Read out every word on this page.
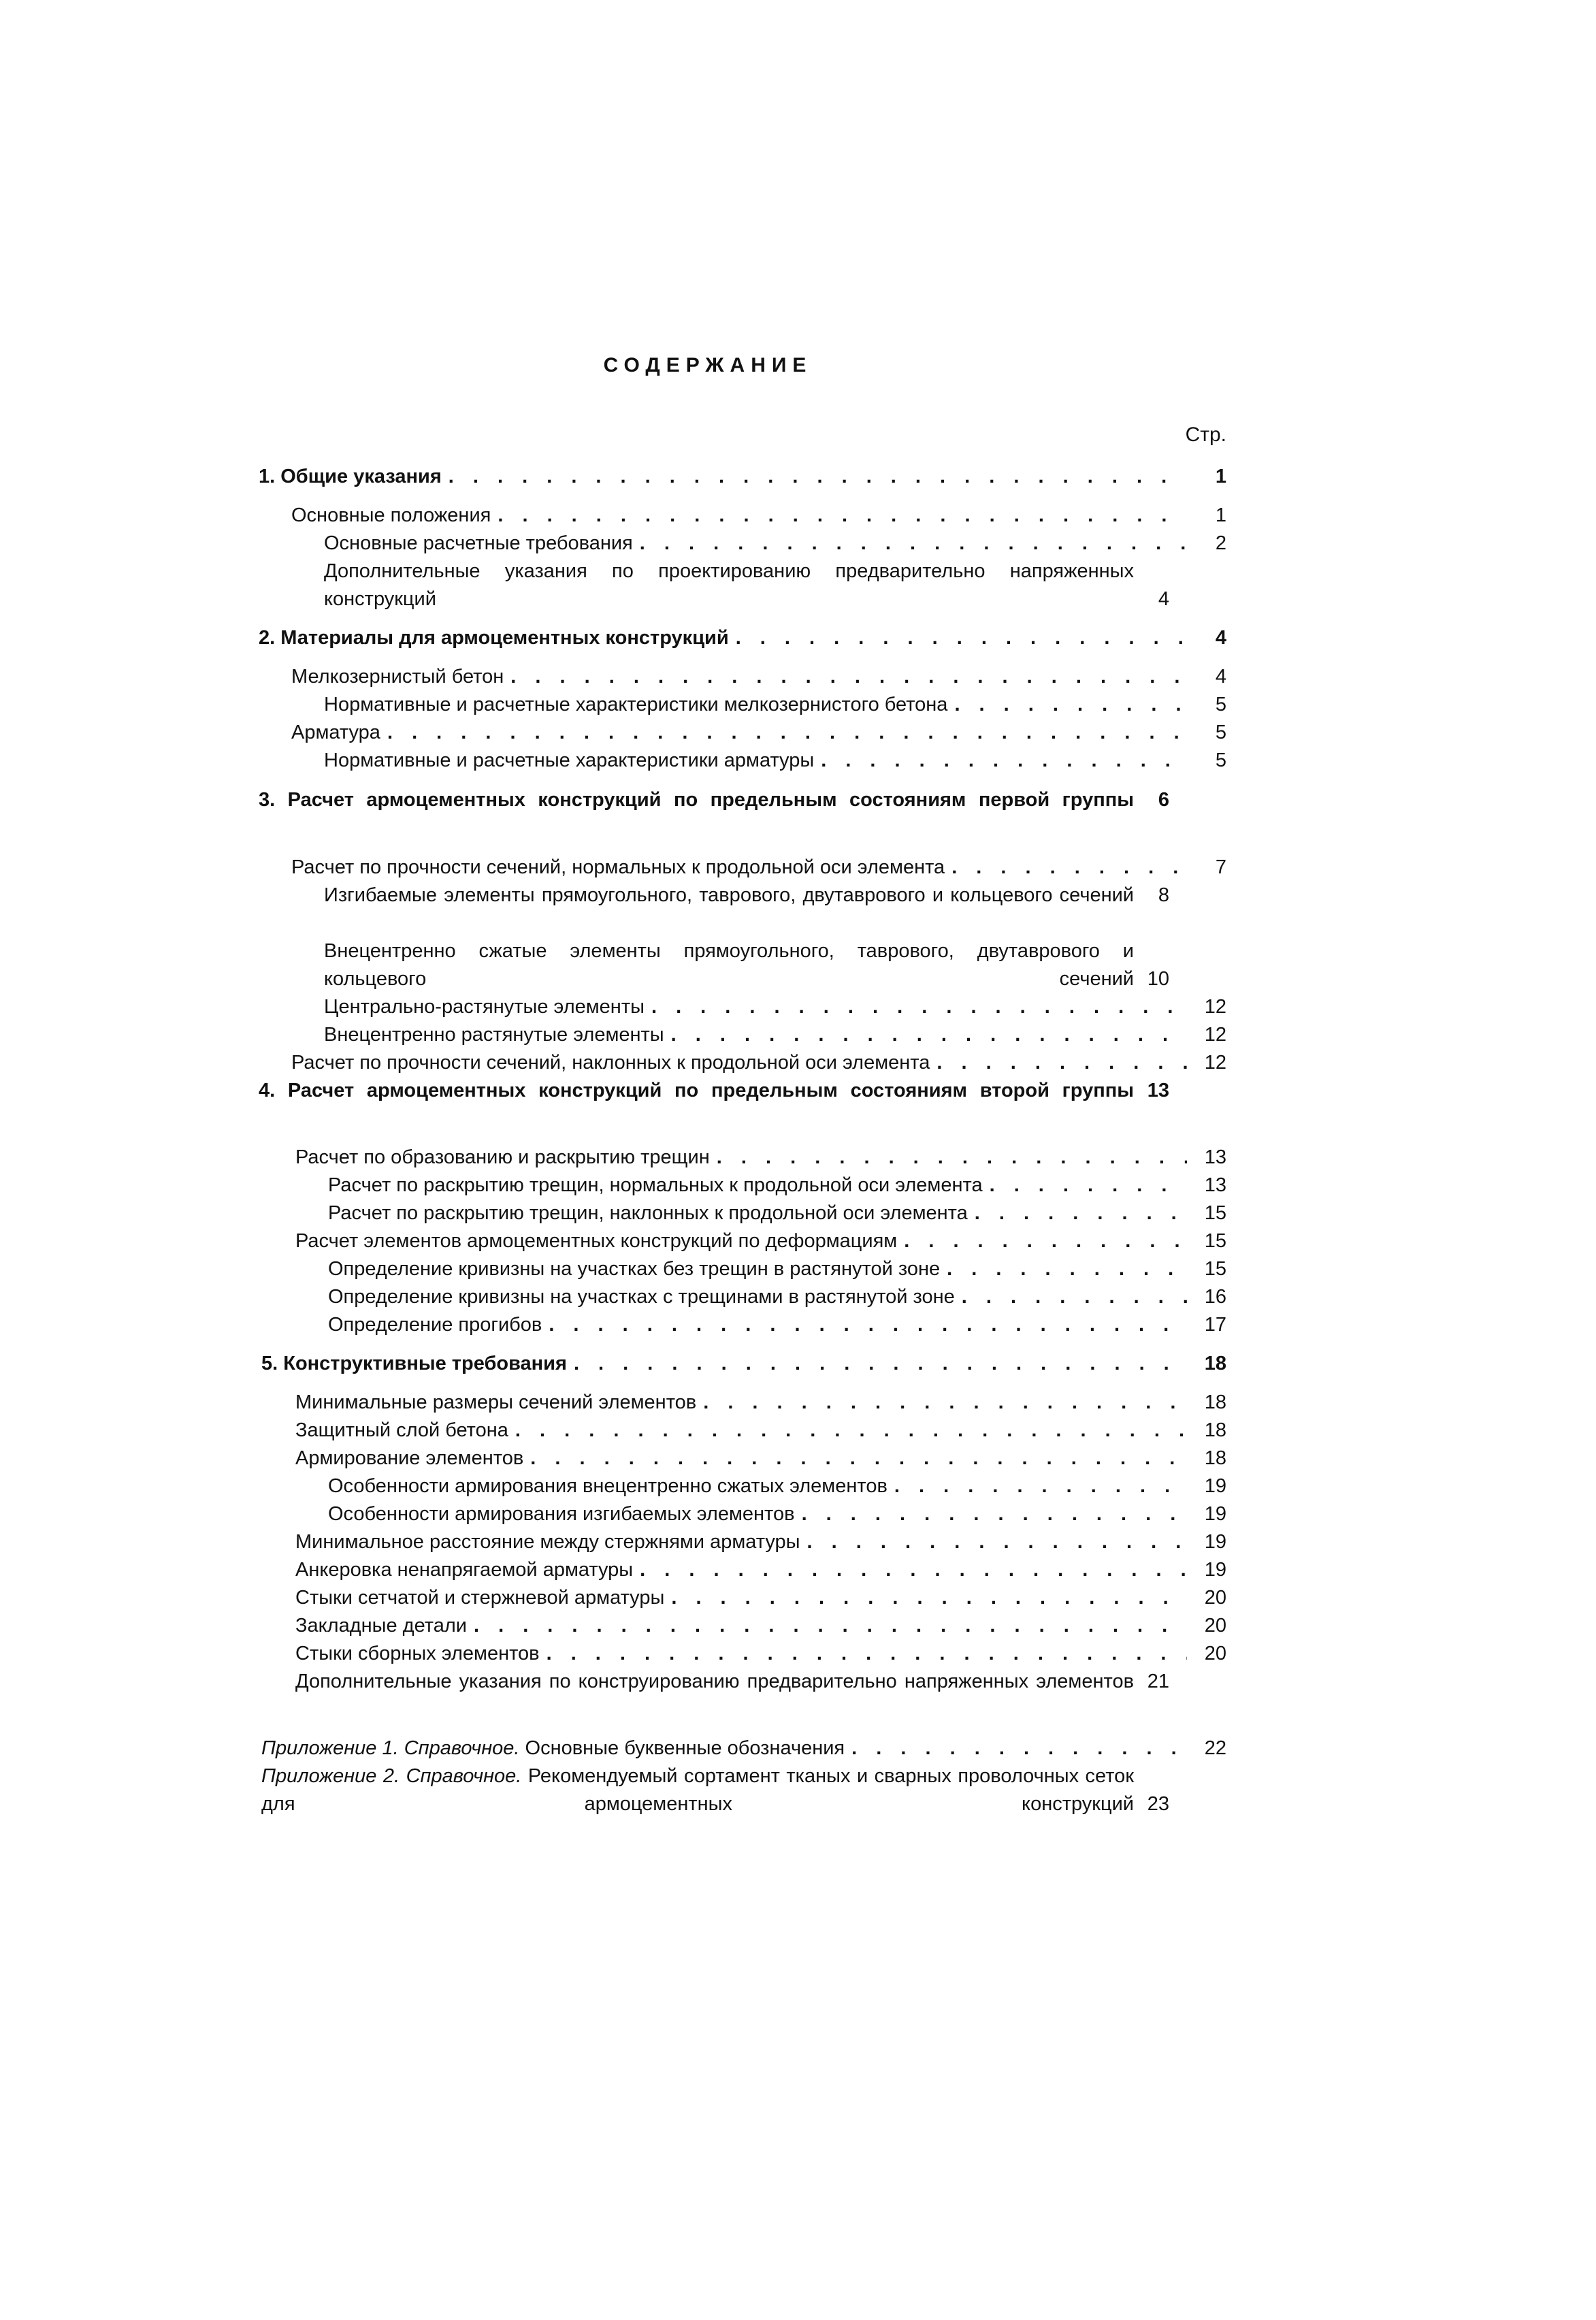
СОДЕРЖАНИЕ
Стр.
1. Общие указания . . .	1
Основные положения . . .	1
Основные расчетные требования . . .	2
Дополнительные указания по проектированию предварительно напряженных конструкций	4
2. Материалы для армоцементных конструкций . . .	4
Мелкозернистый бетон . . .	4
Нормативные и расчетные характеристики мелкозернистого бетона . . .	5
Арматура . . .	5
Нормативные и расчетные характеристики арматуры . . .	5
3. Расчет армоцементных конструкций по предельным состояниям первой группы	6
Расчет по прочности сечений, нормальных к продольной оси элемента . . .	7
Изгибаемые элементы прямоугольного, таврового, двутаврового и кольцевого сечений	8
Внецентренно сжатые элементы прямоугольного, таврового, двутаврового и кольцевого сечений 10
Центрально-растянутые элементы . . .	12
Внецентренно растянутые элементы . . .	12
Расчет по прочности сечений, наклонных к продольной оси элемента . . .	12
4. Расчет армоцементных конструкций по предельным состояниям второй группы 13
Расчет по образованию и раскрытию трещин . . .	13
Расчет по раскрытию трещин, нормальных к продольной оси элемента . . .	13
Расчет по раскрытию трещин, наклонных к продольной оси элемента . . .	15
Расчет элементов армоцементных конструкций по деформациям . . .	15
Определение кривизны на участках без трещин в растянутой зоне . . .	15
Определение кривизны на участках с трещинами в растянутой зоне . . .	16
Определение прогибов . . .	17
5. Конструктивные требования . . .	18
Минимальные размеры сечений элементов . . .	18
Защитный слой бетона . . .	18
Армирование элементов . . .	18
Особенности армирования внецентренно сжатых элементов . . .	19
Особенности армирования изгибаемых элементов . . .	19
Минимальное расстояние между стержнями арматуры . . .	19
Анкеровка ненапрягаемой арматуры . . .	19
Стыки сетчатой и стержневой арматуры . . .	20
Закладные детали . . .	20
Стыки сборных элементов . . .	20
Дополнительные указания по конструированию предварительно напряженных элементов 21
Приложение 1. Справочное. Основные буквенные обозначения . . .	22
Приложение 2. Справочное. Рекомендуемый сортамент тканых и сварных проволочных сеток для армоцементных конструкций 23
